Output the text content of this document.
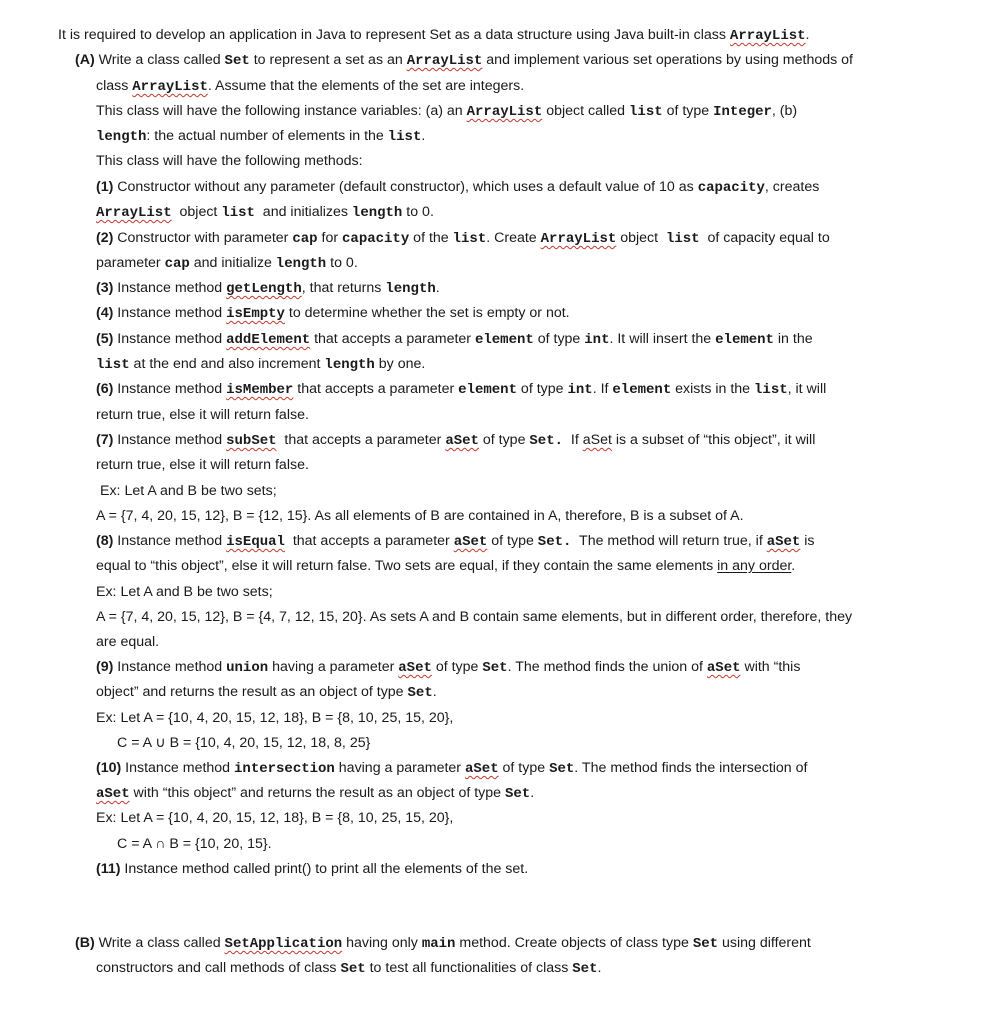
It is required to develop an application in Java to represent Set as a data structure using Java built-in class ArrayList.
(A) Write a class called Set to represent a set as an ArrayList and implement various set operations by using methods of
class ArrayList. Assume that the elements of the set are integers.
This class will have the following instance variables: (a) an ArrayList object called list of type Integer, (b)
length: the actual number of elements in the list.
This class will have the following methods:
(1) Constructor without any parameter (default constructor), which uses a default value of 10 as capacity, creates
ArrayList  object list  and initializes length to 0.
(2) Constructor with parameter cap for capacity of the list. Create ArrayList object  list  of capacity equal to
parameter cap and initialize length to 0.
(3) Instance method getLength, that returns length.
(4) Instance method isEmpty to determine whether the set is empty or not.
(5) Instance method addElement that accepts a parameter element of type int. It will insert the element in the
list at the end and also increment length by one.
(6) Instance method isMember that accepts a parameter element of type int. If element exists in the list, it will
return true, else it will return false.
(7) Instance method subSet  that accepts a parameter aSet of type Set.  If aSet is a subset of “this object”, it will
return true, else it will return false.
Ex: Let A and B be two sets;
A = {7, 4, 20, 15, 12}, B = {12, 15}. As all elements of B are contained in A, therefore, B is a subset of A.
(8) Instance method isEqual  that accepts a parameter aSet of type Set.  The method will return true, if aSet is
equal to “this object”, else it will return false. Two sets are equal, if they contain the same elements in any order.
Ex: Let A and B be two sets;
A = {7, 4, 20, 15, 12}, B = {4, 7, 12, 15, 20}. As sets A and B contain same elements, but in different order, therefore, they
are equal.
(9) Instance method union having a parameter aSet of type Set. The method finds the union of aSet with “this
object” and returns the result as an object of type Set.
Ex: Let A = {10, 4, 20, 15, 12, 18}, B = {8, 10, 25, 15, 20},
C = A ∪ B = {10, 4, 20, 15, 12, 18, 8, 25}
(10) Instance method intersection having a parameter aSet of type Set. The method finds the intersection of
aSet with “this object” and returns the result as an object of type Set.
Ex: Let A = {10, 4, 20, 15, 12, 18}, B = {8, 10, 25, 15, 20},
C = A ∩ B = {10, 20, 15}.
(11) Instance method called print() to print all the elements of the set.
(B) Write a class called SetApplication having only main method. Create objects of class type Set using different
constructors and call methods of class Set to test all functionalities of class Set.
